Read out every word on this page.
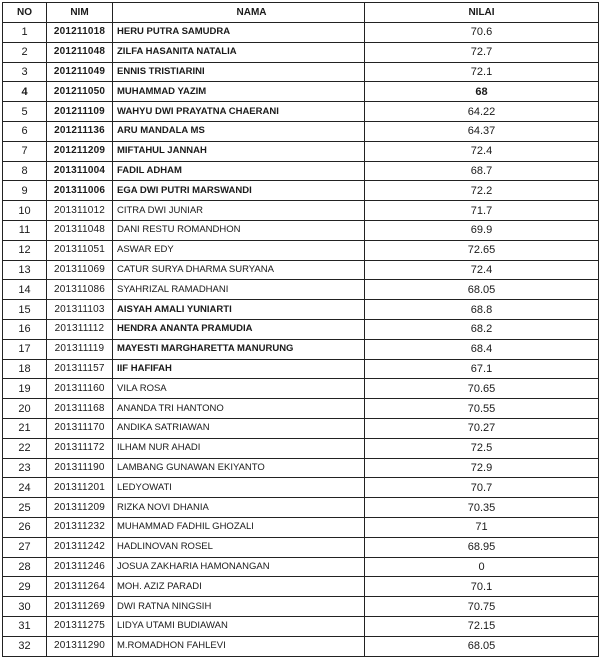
NO	NIM	NAMA	NILAI
1	201211018	HERU PUTRA SAMUDRA	70.6
2	201211048	ZILFA HASANITA NATALIA	72.7
3	201211049	ENNIS TRISTIARINI	72.1
4	201211050	MUHAMMAD YAZIM	68
5	201211109	WAHYU DWI PRAYATNA CHAERANI	64.22
6	201211136	ARU MANDALA MS	64.37
7	201211209	MIFTAHUL JANNAH	72.4
8	201311004	FADIL ADHAM	68.7
9	201311006	EGA DWI PUTRI MARSWANDI	72.2
10	201311012	CITRA DWI JUNIAR	71.7
11	201311048	DANI RESTU ROMANDHON	69.9
12	201311051	ASWAR EDY	72.65
13	201311069	CATUR SURYA DHARMA SURYANA	72.4
14	201311086	SYAHRIZAL RAMADHANI	68.05
15	201311103	AISYAH AMALI YUNIARTI	68.8
16	201311112	HENDRA ANANTA PRAMUDIA	68.2
17	201311119	MAYESTI MARGHARETTA MANURUNG	68.4
18	201311157	IIF HAFIFAH	67.1
19	201311160	VILA ROSA	70.65
20	201311168	ANANDA TRI HANTONO	70.55
21	201311170	ANDIKA SATRIAWAN	70.27
22	201311172	ILHAM NUR AHADI	72.5
23	201311190	LAMBANG GUNAWAN EKIYANTO	72.9
24	201311201	LEDYOWATI	70.7
25	201311209	RIZKA NOVI DHANIA	70.35
26	201311232	MUHAMMAD FADHIL GHOZALI	71
27	201311242	HADLINOVAN ROSEL	68.95
28	201311246	JOSUA ZAKHARIA HAMONANGAN	0
29	201311264	MOH. AZIZ PARADI	70.1
30	201311269	DWI RATNA NINGSIH	70.75
31	201311275	LIDYA UTAMI BUDIAWAN	72.15
32	201311290	M.ROMADHON FAHLEVI	68.05
